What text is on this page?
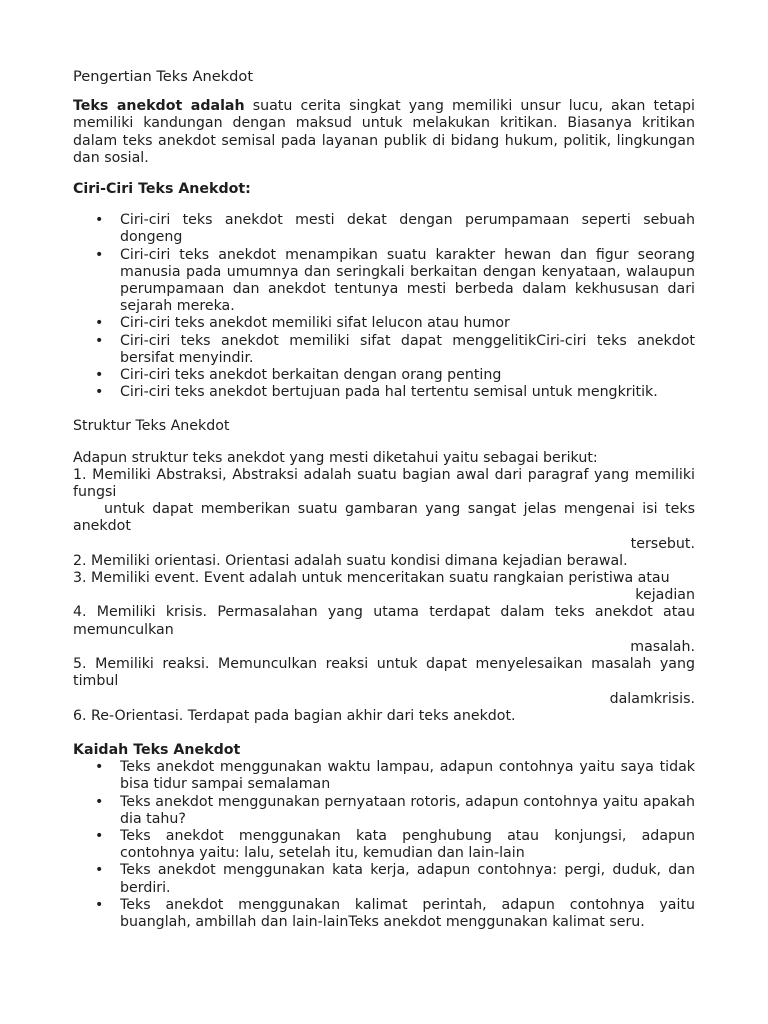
Pengertian Teks Anekdot

Teks anekdot adalah suatu cerita singkat yang memiliki unsur lucu, akan tetapi memiliki kandungan dengan maksud untuk melakukan kritikan. Biasanya kritikan dalam teks anekdot semisal pada layanan publik di bidang hukum, politik, lingkungan dan sosial.

Ciri-Ciri Teks Anekdot:

• Ciri-ciri teks anekdot mesti dekat dengan perumpamaan seperti sebuah dongeng
• Ciri-ciri teks anekdot menampikan suatu karakter hewan dan figur seorang manusia pada umumnya dan seringkali berkaitan dengan kenyataan, walaupun perumpamaan dan anekdot tentunya mesti berbeda dalam kekhususan dari sejarah mereka.
• Ciri-ciri teks anekdot memiliki sifat lelucon atau humor
• Ciri-ciri teks anekdot memiliki sifat dapat menggelitikCiri-ciri teks anekdot bersifat menyindir.
• Ciri-ciri teks anekdot berkaitan dengan orang penting
• Ciri-ciri teks anekdot bertujuan pada hal tertentu semisal untuk mengkritik.

Struktur Teks Anekdot

Adapun struktur teks anekdot yang mesti diketahui yaitu sebagai berikut:

1. Memiliki Abstraksi, Abstraksi adalah suatu bagian awal dari paragraf yang memiliki fungsi

untuk dapat memberikan suatu gambaran yang sangat jelas mengenai isi teks anekdot

tersebut.

2. Memiliki orientasi. Orientasi adalah suatu kondisi dimana kejadian berawal.

3. Memiliki event. Event adalah untuk menceritakan suatu rangkaian peristiwa atau

kejadian

4. Memiliki krisis. Permasalahan yang utama terdapat dalam teks anekdot atau memunculkan

masalah.

5. Memiliki reaksi. Memunculkan reaksi untuk dapat menyelesaikan masalah yang timbul

dalamkrisis.

6. Re-Orientasi. Terdapat pada bagian akhir dari teks anekdot.

Kaidah Teks Anekdot

• Teks anekdot menggunakan waktu lampau, adapun contohnya yaitu saya tidak bisa tidur sampai semalaman
• Teks anekdot menggunakan pernyataan rotoris, adapun contohnya yaitu apakah dia tahu?
• Teks anekdot menggunakan kata penghubung atau konjungsi, adapun contohnya yaitu: lalu, setelah itu, kemudian dan lain-lain
• Teks anekdot menggunakan kata kerja, adapun contohnya: pergi, duduk, dan berdiri.
• Teks anekdot menggunakan kalimat perintah, adapun contohnya yaitu buanglah, ambillah dan lain-lainTeks anekdot menggunakan kalimat seru.
